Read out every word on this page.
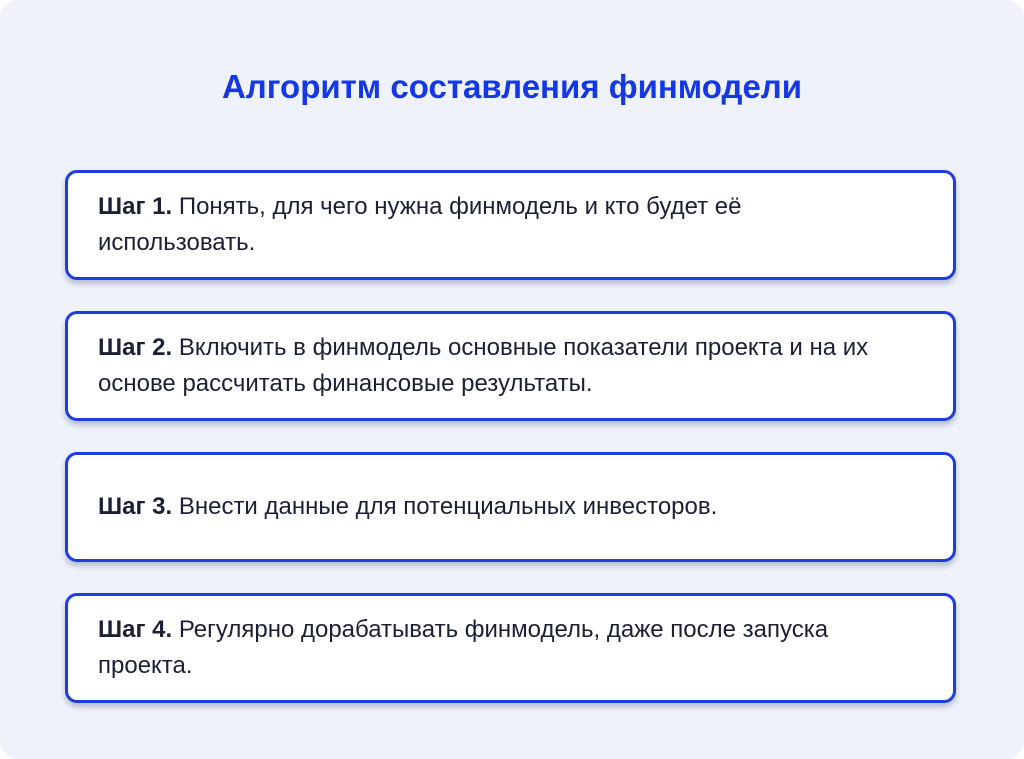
Алгоритм составления финмодели

Шаг 1. Понять, для чего нужна финмодель и кто будет её использовать.

Шаг 2. Включить в финмодель основные показатели проекта и на их основе рассчитать финансовые результаты.

Шаг 3. Внести данные для потенциальных инвесторов.

Шаг 4. Регулярно дорабатывать финмодель, даже после запуска проекта.
